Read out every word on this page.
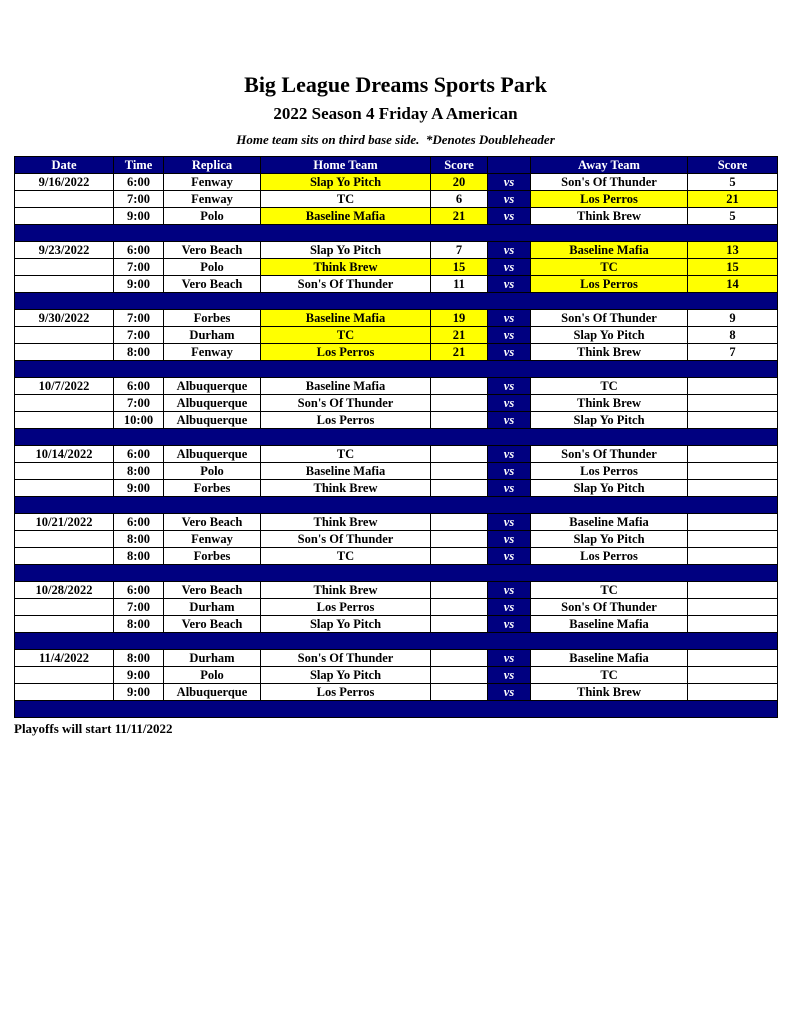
Big League Dreams Sports Park
2022 Season 4 Friday A American
Home team sits on third base side.  *Denotes Doubleheader
Date	Time	Replica	Home Team	Score		Away Team	Score
9/16/2022	6:00	Fenway	Slap Yo Pitch	20	vs	Son's Of Thunder	5
	7:00	Fenway	TC	6	vs	Los Perros	21
	9:00	Polo	Baseline Mafia	21	vs	Think Brew	5

9/23/2022	6:00	Vero Beach	Slap Yo Pitch	7	vs	Baseline Mafia	13
	7:00	Polo	Think Brew	15	vs	TC	15
	9:00	Vero Beach	Son's Of Thunder	11	vs	Los Perros	14

9/30/2022	7:00	Forbes	Baseline Mafia	19	vs	Son's Of Thunder	9
	7:00	Durham	TC	21	vs	Slap Yo Pitch	8
	8:00	Fenway	Los Perros	21	vs	Think Brew	7

10/7/2022	6:00	Albuquerque	Baseline Mafia		vs	TC	
	7:00	Albuquerque	Son's Of Thunder		vs	Think Brew	
	10:00	Albuquerque	Los Perros		vs	Slap Yo Pitch	

10/14/2022	6:00	Albuquerque	TC		vs	Son's Of Thunder	
	8:00	Polo	Baseline Mafia		vs	Los Perros	
	9:00	Forbes	Think Brew		vs	Slap Yo Pitch	

10/21/2022	6:00	Vero Beach	Think Brew		vs	Baseline Mafia	
	8:00	Fenway	Son's Of Thunder		vs	Slap Yo Pitch	
	8:00	Forbes	TC		vs	Los Perros	

10/28/2022	6:00	Vero Beach	Think Brew		vs	TC	
	7:00	Durham	Los Perros		vs	Son's Of Thunder	
	8:00	Vero Beach	Slap Yo Pitch		vs	Baseline Mafia	

11/4/2022	8:00	Durham	Son's Of Thunder		vs	Baseline Mafia	
	9:00	Polo	Slap Yo Pitch		vs	TC	
	9:00	Albuquerque	Los Perros		vs	Think Brew	

Playoffs will start 11/11/2022
